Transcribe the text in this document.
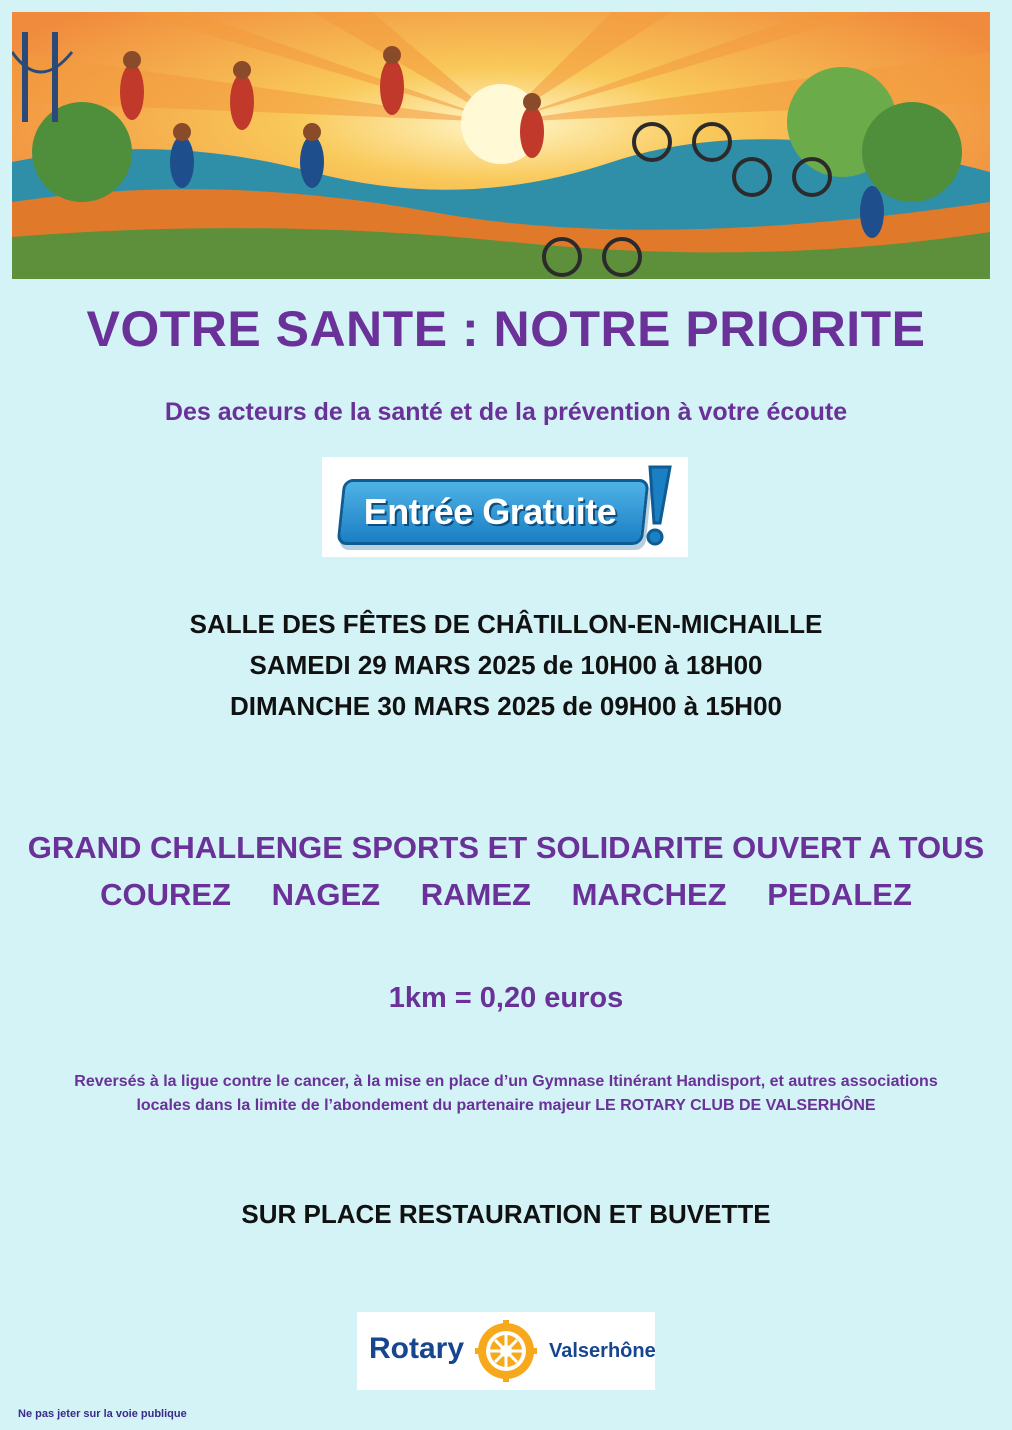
VOTRE SANTE : NOTRE PRIORITE
Des acteurs de la santé et de la prévention à votre écoute
Entrée Gratuite
SALLE DES FÊTES DE CHÂTILLON-EN-MICHAILLE
SAMEDI 29 MARS 2025 de 10H00 à 18H00
DIMANCHE 30 MARS 2025 de 09H00 à 15H00
GRAND CHALLENGE SPORTS ET SOLIDARITE OUVERT A TOUS
COUREZ NAGEZ RAMEZ MARCHEZ PEDALEZ
1km = 0,20 euros
Reversés à la ligue contre le cancer, à la mise en place d’un Gymnase Itinérant Handisport, et autres associations
locales dans la limite de l’abondement du partenaire majeur LE ROTARY CLUB DE VALSERHÔNE
SUR PLACE RESTAURATION ET BUVETTE
Rotary	Valserhône
Ne pas jeter sur la voie publique
